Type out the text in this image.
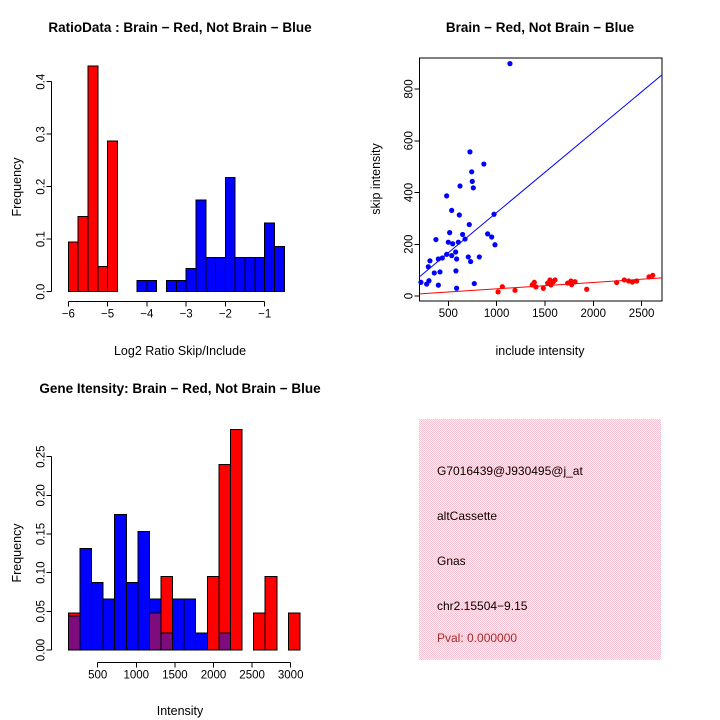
0.0
0.1
0.2
0.3
0.4
−6 −5 −4 −3 −2 −1
RatioData : Brain − Red, Not Brain − Blue
Log2 Ratio Skip/Include
Frequency
0
200
400
600
800
500 1000 1500 2000 2500
Brain − Red, Not Brain − Blue
include intensity
skip intensity
0.00
0.05
0.10
0.15
0.20
0.25
500 1000 1500 2000 2500 3000
Gene Itensity: Brain − Red, Not Brain − Blue
Intensity
Frequency
G7016439@J930495@j_at
altCassette
Gnas
chr2.15504−9.15
Pval: 0.000000
